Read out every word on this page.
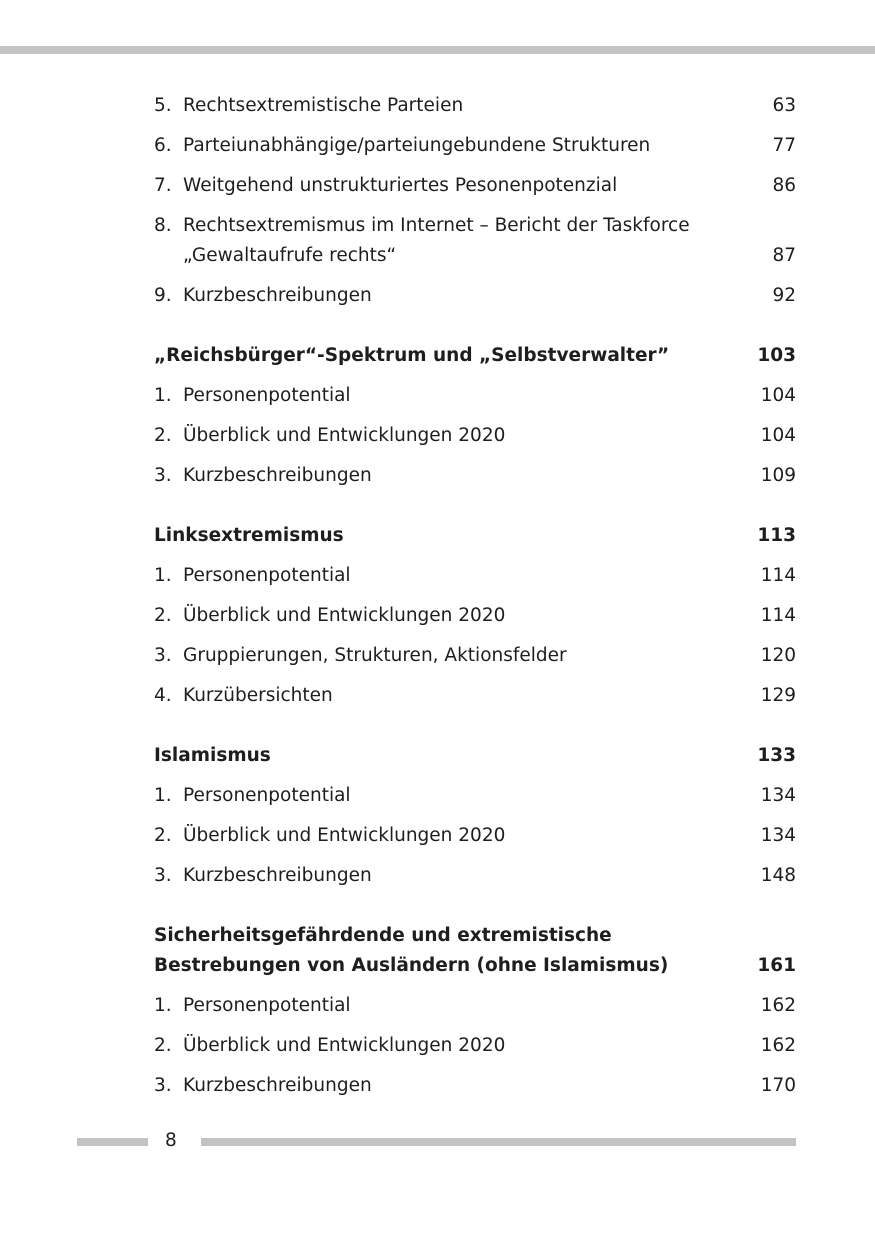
5. Rechtsextremistische Parteien	63
6. Parteiunabhängige/parteiungebundene Strukturen	77
7. Weitgehend unstrukturiertes Pesonenpotenzial	86
8. Rechtsextremismus im Internet – Bericht der Taskforce
„Gewaltaufrufe rechts“	87
9. Kurzbeschreibungen	92
„Reichsbürger“-Spektrum und „Selbstverwalter”	103
1. Personenpotential	104
2. Überblick und Entwicklungen 2020	104
3. Kurzbeschreibungen	109
Linksextremismus	113
1. Personenpotential	114
2. Überblick und Entwicklungen 2020	114
3. Gruppierungen, Strukturen, Aktionsfelder	120
4. Kurzübersichten	129
Islamismus	133
1. Personenpotential	134
2. Überblick und Entwicklungen 2020	134
3. Kurzbeschreibungen	148
Sicherheitsgefährdende und extremistische
Bestrebungen von Ausländern (ohne Islamismus)	161
1. Personenpotential	162
2. Überblick und Entwicklungen 2020	162
3. Kurzbeschreibungen	170
8
